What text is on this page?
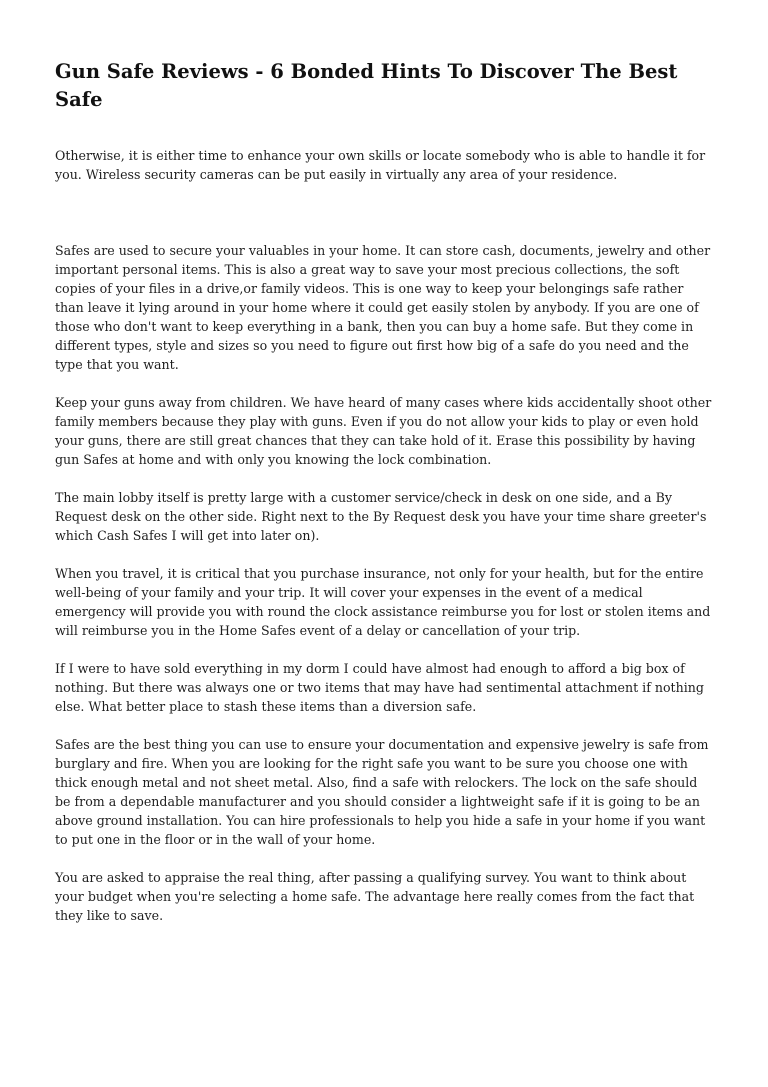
Gun Safe Reviews - 6 Bonded Hints To Discover The Best Safe

Otherwise, it is either time to enhance your own skills or locate somebody who is able to handle it for you. Wireless security cameras can be put easily in virtually any area of your residence.

Safes are used to secure your valuables in your home. It can store cash, documents, jewelry and other important personal items. This is also a great way to save your most precious collections, the soft copies of your files in a drive,or family videos. This is one way to keep your belongings safe rather than leave it lying around in your home where it could get easily stolen by anybody. If you are one of those who don't want to keep everything in a bank, then you can buy a home safe. But they come in different types, style and sizes so you need to figure out first how big of a safe do you need and the type that you want.

Keep your guns away from children. We have heard of many cases where kids accidentally shoot other family members because they play with guns. Even if you do not allow your kids to play or even hold your guns, there are still great chances that they can take hold of it. Erase this possibility by having gun Safes at home and with only you knowing the lock combination.

The main lobby itself is pretty large with a customer service/check in desk on one side, and a By Request desk on the other side. Right next to the By Request desk you have your time share greeter's which Cash Safes I will get into later on).

When you travel, it is critical that you purchase insurance, not only for your health, but for the entire well-being of your family and your trip. It will cover your expenses in the event of a medical emergency will provide you with round the clock assistance reimburse you for lost or stolen items and will reimburse you in the Home Safes event of a delay or cancellation of your trip.

If I were to have sold everything in my dorm I could have almost had enough to afford a big box of nothing. But there was always one or two items that may have had sentimental attachment if nothing else. What better place to stash these items than a diversion safe.

Safes are the best thing you can use to ensure your documentation and expensive jewelry is safe from burglary and fire. When you are looking for the right safe you want to be sure you choose one with thick enough metal and not sheet metal. Also, find a safe with relockers. The lock on the safe should be from a dependable manufacturer and you should consider a lightweight safe if it is going to be an above ground installation. You can hire professionals to help you hide a safe in your home if you want to put one in the floor or in the wall of your home.

You are asked to appraise the real thing, after passing a qualifying survey. You want to think about your budget when you're selecting a home safe. The advantage here really comes from the fact that they like to save.
